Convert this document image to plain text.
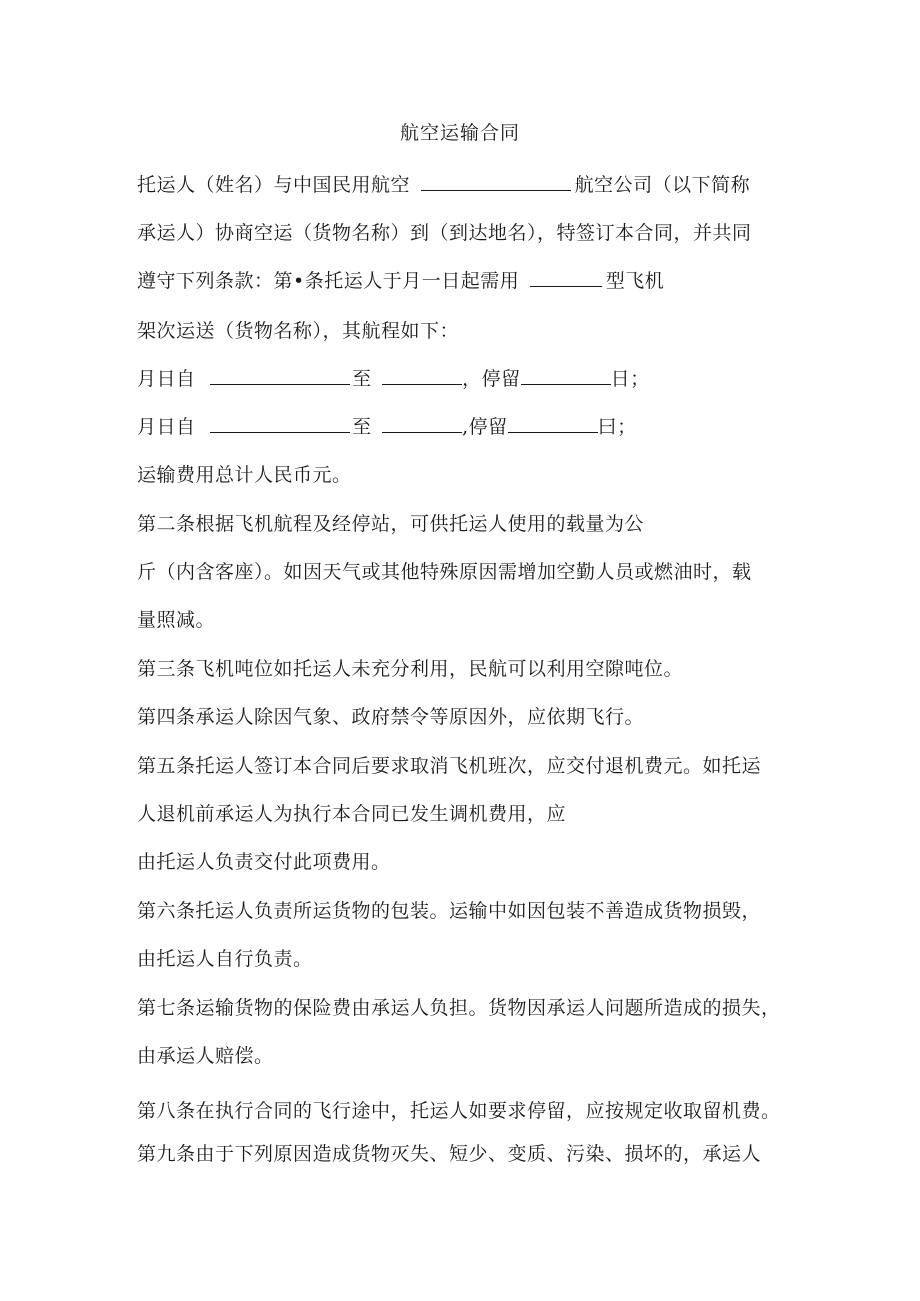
航空运输合同
托运人（姓名）与中国民用航空	航空公司（以下简称
承运人）协商空运（货物名称）到（到达地名），特签订本合同，并共同
遵守下列条款：第•条托运人于月一日起需用	型飞机
架次运送（货物名称），其航程如下：
月日自	至	，停留	日；
月日自	至	,停留	曰；
运输费用总计人民币元。
第二条根据飞机航程及经停站，可供托运人使用的载量为公
斤（内含客座）。如因天气或其他特殊原因需增加空勤人员或燃油时，载
量照减。
第三条飞机吨位如托运人未充分利用，民航可以利用空隙吨位。
第四条承运人除因气象、政府禁令等原因外，应依期飞行。
第五条托运人签订本合同后要求取消飞机班次，应交付退机费元。如托运
人退机前承运人为执行本合同已发生调机费用，应
由托运人负责交付此项费用。
第六条托运人负责所运货物的包装。运输中如因包装不善造成货物损毁，
由托运人自行负责。
第七条运输货物的保险费由承运人负担。货物因承运人问题所造成的损失，
由承运人赔偿。
第八条在执行合同的飞行途中，托运人如要求停留，应按规定收取留机费。
第九条由于下列原因造成货物灭失、短少、变质、污染、损坏的，承运人
